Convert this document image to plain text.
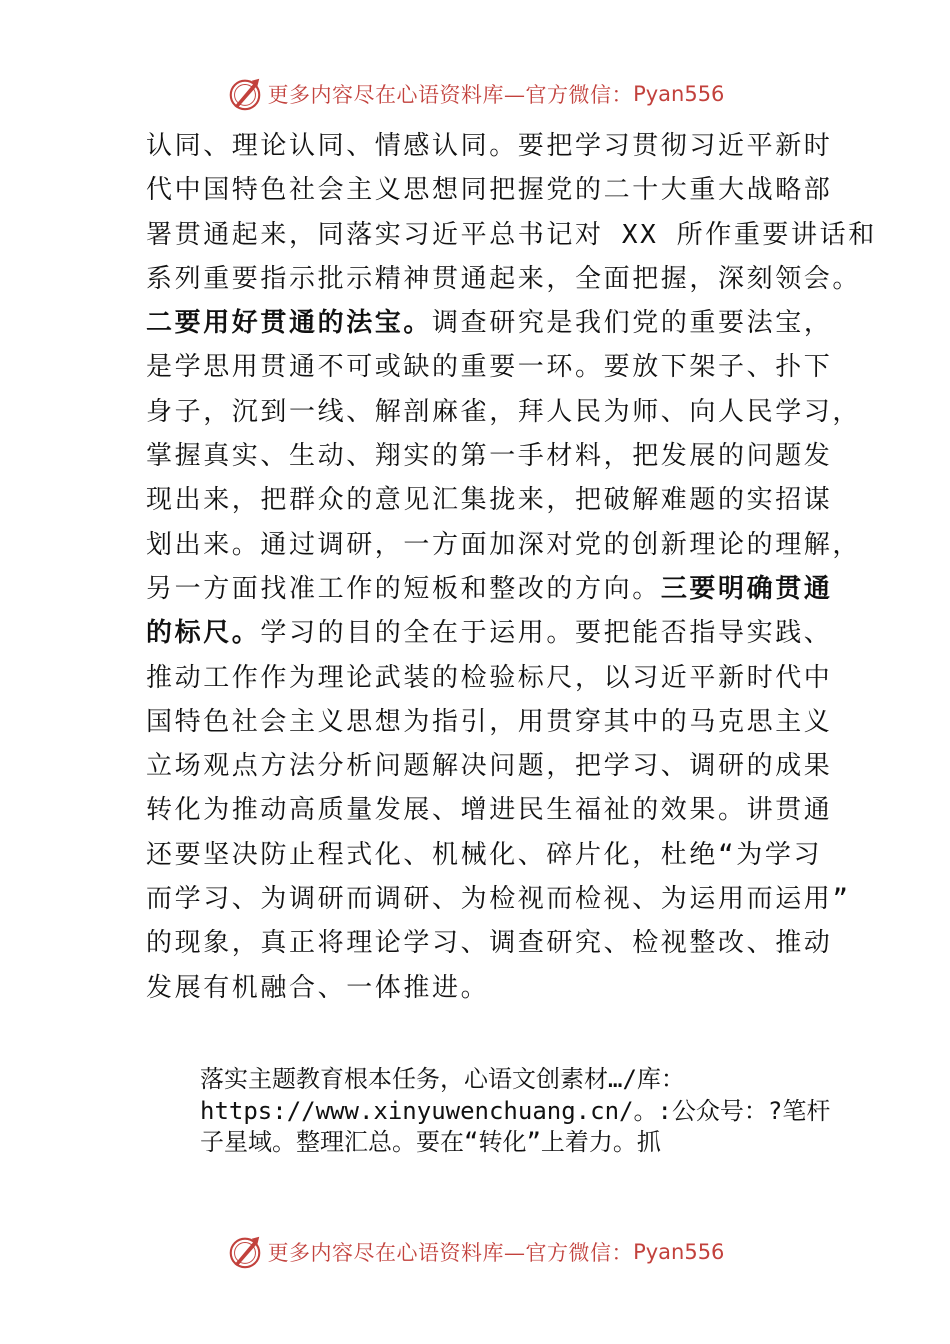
更多内容尽在心语资料库—官方微信： Pyan556
认同、理论认同、情感认同。要把学习贯彻习近平新时
代中国特色社会主义思想同把握党的二十大重大战略部
署贯通起来，同落实习近平总书记对 XX 所作重要讲话和
系列重要指示批示精神贯通起来，全面把握，深刻领会。
二要用好贯通的法宝。调查研究是我们党的重要法宝，
是学思用贯通不可或缺的重要一环。要放下架子、扑下
身子，沉到一线、解剖麻雀，拜人民为师、向人民学习，
掌握真实、生动、翔实的第一手材料，把发展的问题发
现出来，把群众的意见汇集拢来，把破解难题的实招谋
划出来。通过调研，一方面加深对党的创新理论的理解，
另一方面找准工作的短板和整改的方向。三要明确贯通
的标尺。学习的目的全在于运用。要把能否指导实践、
推动工作作为理论武装的检验标尺，以习近平新时代中
国特色社会主义思想为指引，用贯穿其中的马克思主义
立场观点方法分析问题解决问题，把学习、调研的成果
转化为推动高质量发展、增进民生福祉的效果。讲贯通
还要坚决防止程式化、机械化、碎片化，杜绝“为学习
而学习、为调研而调研、为检视而检视、为运用而运用”
的现象，真正将理论学习、调查研究、检视整改、推动
发展有机融合、一体推进。
落实主题教育根本任务，心语文创素材…/库：
https://www.xinyuwenchuang.cn/。:公众号：?笔杆
子星域。整理汇总。要在“转化”上着力。抓
更多内容尽在心语资料库—官方微信： Pyan556
